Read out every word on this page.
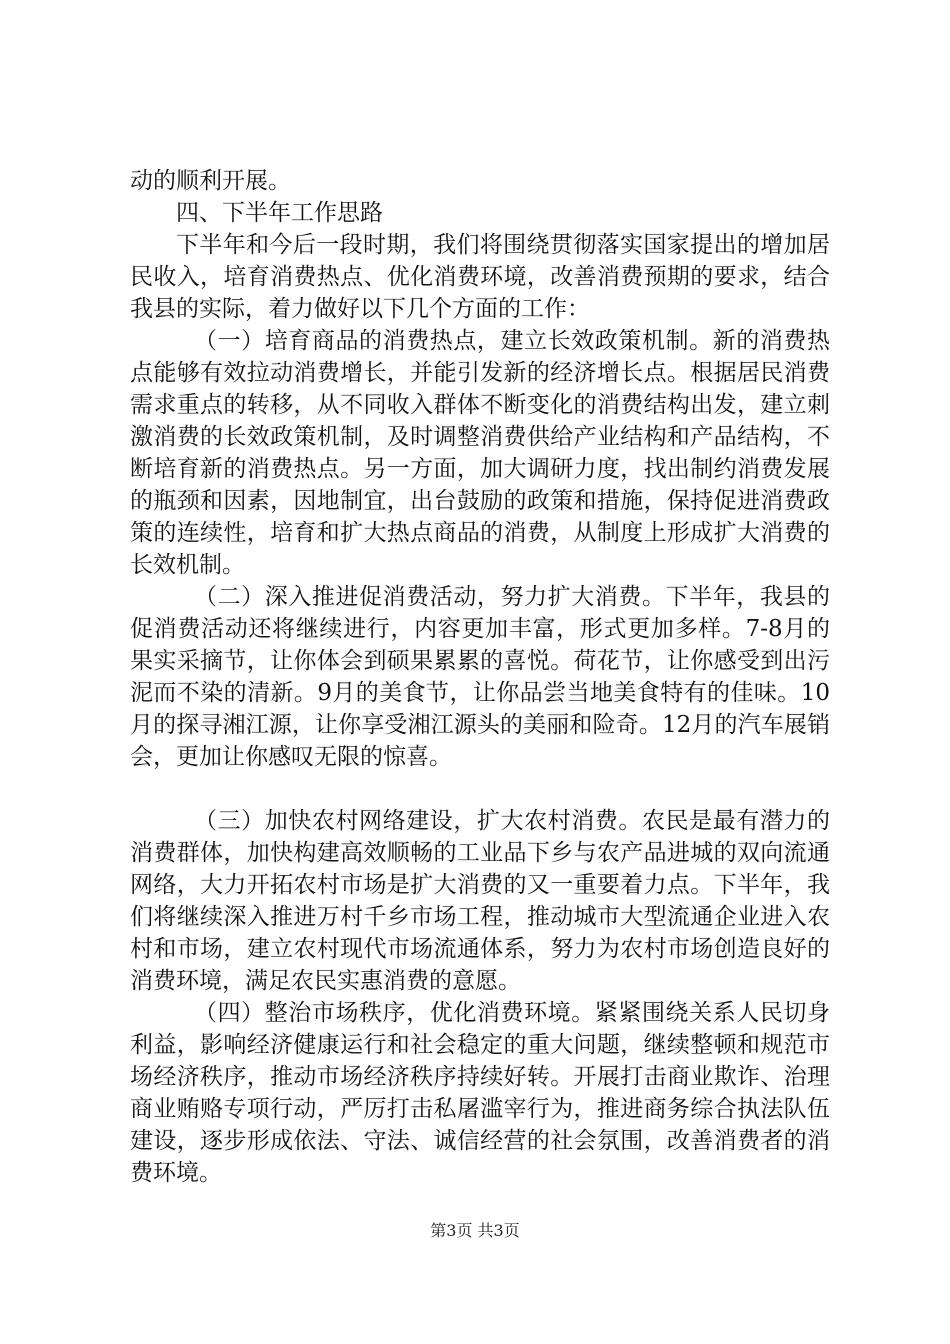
动的顺利开展。

四、下半年工作思路

下半年和今后一段时期，我们将围绕贯彻落实国家提出的增加居民收入，培育消费热点、优化消费环境，改善消费预期的要求，结合我县的实际，着力做好以下几个方面的工作：

（一）培育商品的消费热点，建立长效政策机制。新的消费热点能够有效拉动消费增长，并能引发新的经济增长点。根据居民消费需求重点的转移，从不同收入群体不断变化的消费结构出发，建立刺激消费的长效政策机制，及时调整消费供给产业结构和产品结构，不断培育新的消费热点。另一方面，加大调研力度，找出制约消费发展的瓶颈和因素，因地制宜，出台鼓励的政策和措施，保持促进消费政策的连续性，培育和扩大热点商品的消费，从制度上形成扩大消费的长效机制。

（二）深入推进促消费活动，努力扩大消费。下半年，我县的促消费活动还将继续进行，内容更加丰富，形式更加多样。7-8月的果实采摘节，让你体会到硕果累累的喜悦。荷花节，让你感受到出污泥而不染的清新。9月的美食节，让你品尝当地美食特有的佳味。10月的探寻湘江源，让你享受湘江源头的美丽和险奇。12月的汽车展销会，更加让你感叹无限的惊喜。

（三）加快农村网络建设，扩大农村消费。农民是最有潜力的消费群体，加快构建高效顺畅的工业品下乡与农产品进城的双向流通网络，大力开拓农村市场是扩大消费的又一重要着力点。下半年，我们将继续深入推进万村千乡市场工程，推动城市大型流通企业进入农村和市场，建立农村现代市场流通体系，努力为农村市场创造良好的消费环境，满足农民实惠消费的意愿。

（四）整治市场秩序，优化消费环境。紧紧围绕关系人民切身利益，影响经济健康运行和社会稳定的重大问题，继续整顿和规范市场经济秩序，推动市场经济秩序持续好转。开展打击商业欺诈、治理商业贿赂专项行动，严厉打击私屠滥宰行为，推进商务综合执法队伍建设，逐步形成依法、守法、诚信经营的社会氛围，改善消费者的消费环境。

第3页 共3页
